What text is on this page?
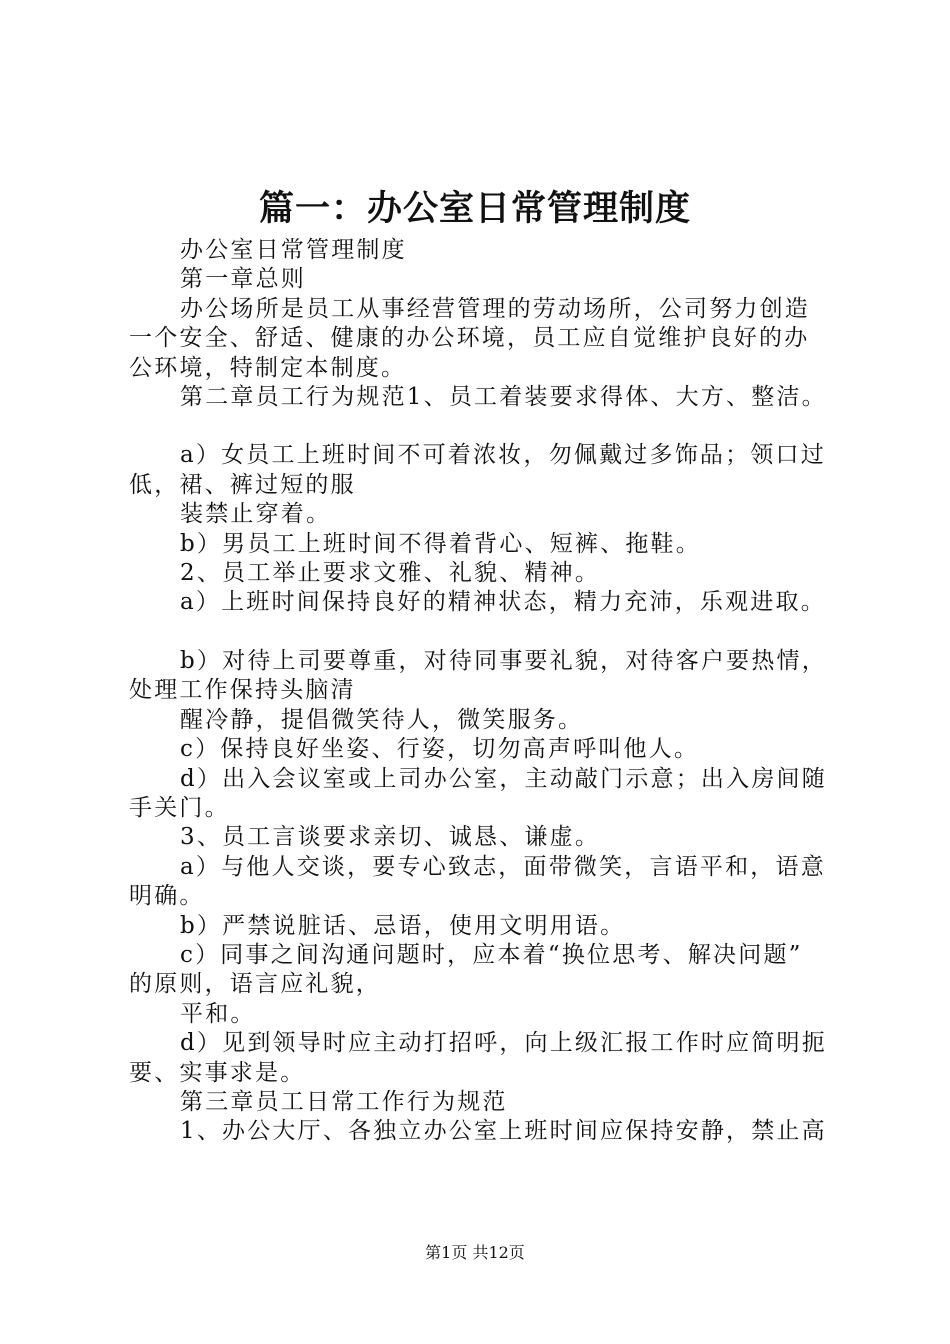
篇一：办公室日常管理制度

办公室日常管理制度

第一章总则

办公场所是员工从事经营管理的劳动场所，公司努力创造

一个安全、舒适、健康的办公环境，员工应自觉维护良好的办

公环境，特制定本制度。

第二章员工行为规范1、员工着装要求得体、大方、整洁。

a）女员工上班时间不可着浓妆，勿佩戴过多饰品；领口过

低，裙、裤过短的服

装禁止穿着。

b）男员工上班时间不得着背心、短裤、拖鞋。

2、员工举止要求文雅、礼貌、精神。

a）上班时间保持良好的精神状态，精力充沛，乐观进取。

b）对待上司要尊重，对待同事要礼貌，对待客户要热情，

处理工作保持头脑清

醒冷静，提倡微笑待人，微笑服务。

c）保持良好坐姿、行姿，切勿高声呼叫他人。

d）出入会议室或上司办公室，主动敲门示意；出入房间随

手关门。

3、员工言谈要求亲切、诚恳、谦虚。

a）与他人交谈，要专心致志，面带微笑，言语平和，语意

明确。

b）严禁说脏话、忌语，使用文明用语。

c）同事之间沟通问题时，应本着“换位思考、解决问题”

的原则，语言应礼貌，

平和。

d）见到领导时应主动打招呼，向上级汇报工作时应简明扼

要、实事求是。

第三章员工日常工作行为规范

1、办公大厅、各独立办公室上班时间应保持安静，禁止高

第1页 共12页
